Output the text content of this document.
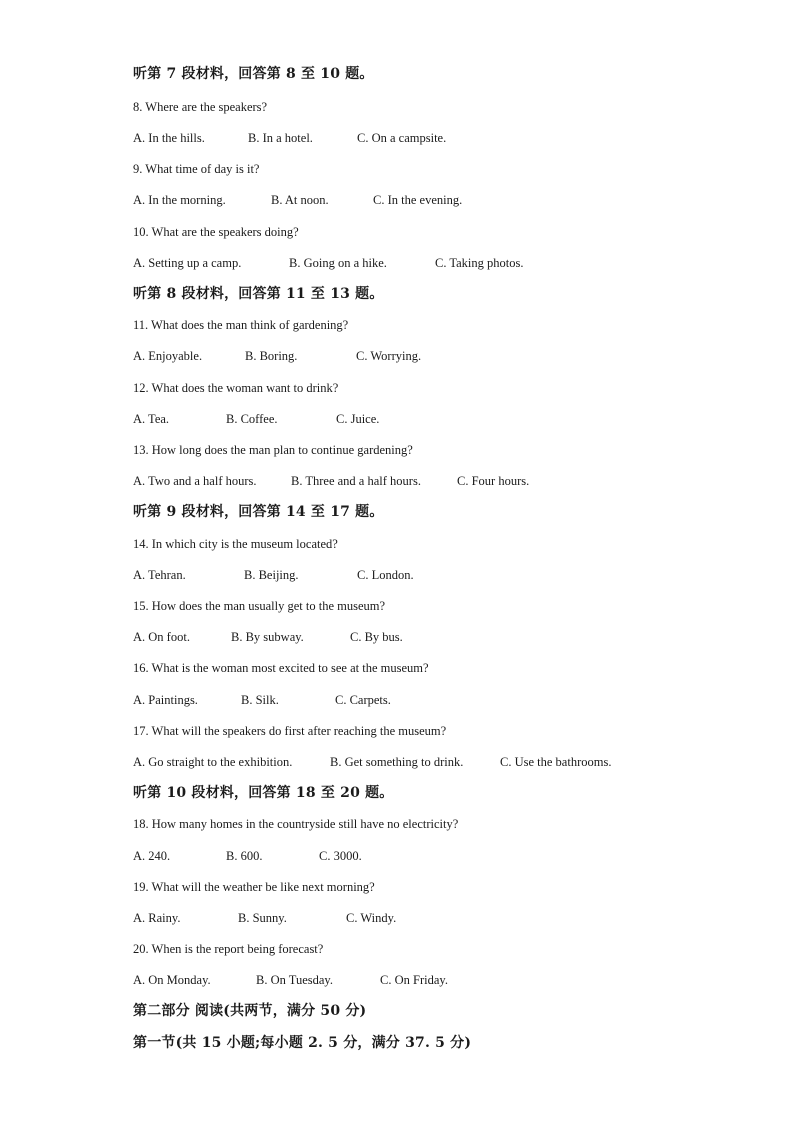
听第 7 段材料，回答第 8 至 10 题。
8. Where are the speakers?
A. In the hills.	B. In a hotel.	C. On a campsite.
9. What time of day is it?
A. In the morning.	B. At noon.	C. In the evening.
10. What are the speakers doing?
A. Setting up a camp.	B. Going on a hike.	C. Taking photos.
听第 8 段材料，回答第 11 至 13 题。
11. What does the man think of gardening?
A. Enjoyable.	B. Boring.	C. Worrying.
12. What does the woman want to drink?
A. Tea.	B. Coffee.	C. Juice.
13. How long does the man plan to continue gardening?
A. Two and a half hours.	B. Three and a half hours.	C. Four hours.
听第 9 段材料，回答第 14 至 17 题。
14. In which city is the museum located?
A. Tehran.	B. Beijing.	C. London.
15. How does the man usually get to the museum?
A. On foot.	B. By subway.	C. By bus.
16. What is the woman most excited to see at the museum?
A. Paintings.	B. Silk.	C. Carpets.
17. What will the speakers do first after reaching the museum?
A. Go straight to the exhibition.	B. Get something to drink.	C. Use the bathrooms.
听第 10 段材料，回答第 18 至 20 题。
18. How many homes in the countryside still have no electricity?
A. 240.	B. 600.	C. 3000.
19. What will the weather be like next morning?
A. Rainy.	B. Sunny.	C. Windy.
20. When is the report being forecast?
A. On Monday.	B. On Tuesday.	C. On Friday.
第二部分 阅读(共两节，满分 50 分)
第一节(共 15 小题;每小题 2. 5 分，满分 37. 5 分)
